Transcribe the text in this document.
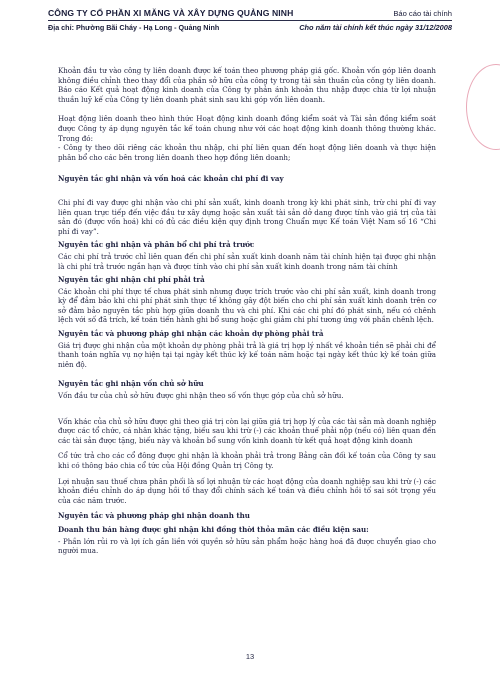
CÔNG TY CỔ PHẦN XI MĂNG VÀ XÂY DỰNG QUẢNG NINH	Báo cáo tài chính
Địa chỉ: Phường Bãi Cháy - Hạ Long - Quảng Ninh	Cho năm tài chính kết thúc ngày 31/12/2008

Khoản đầu tư vào công ty liên doanh được kế toán theo phương pháp giá gốc. Khoản vốn góp liên doanh không điều chỉnh theo thay đổi của phần sở hữu của công ty trong tài sản thuần của công ty liên doanh. Báo cáo Kết quả hoạt động kinh doanh của Công ty phản ánh khoản thu nhập được chia từ lợi nhuận thuần luỹ kế của Công ty liên doanh phát sinh sau khi góp vốn liên doanh.

Hoạt động liên doanh theo hình thức Hoạt động kinh doanh đồng kiểm soát và Tài sản đồng kiểm soát được Công ty áp dụng nguyên tắc kế toán chung như với các hoạt động kinh doanh thông thường khác. Trong đó:

- Công ty theo dõi riêng các khoản thu nhập, chi phí liên quan đến hoạt động liên doanh và thực hiện phân bổ cho các bên trong liên doanh theo hợp đồng liên doanh;

Nguyên tắc ghi nhận và vốn hoá các khoản chi phí đi vay

Chi phí đi vay được ghi nhận vào chi phí sản xuất, kinh doanh trong kỳ khi phát sinh, trừ chi phí đi vay liên quan trực tiếp đến việc đầu tư xây dựng hoặc sản xuất tài sản dở dang được tính vào giá trị của tài sản đó (được vốn hoá) khi có đủ các điều kiện quy định trong Chuẩn mực Kế toán Việt Nam số 16 “Chi phí đi vay”.

Nguyên tắc ghi nhận và phân bổ chi phí trả trước

Các chi phí trả trước chỉ liên quan đến chi phí sản xuất kinh doanh năm tài chính hiện tại được ghi nhận là chi phí trả trước ngắn hạn và được tính vào chi phí sản xuất kinh doanh trong năm tài chính

Nguyên tắc ghi nhận chi phí phải trả

Các khoản chi phí thực tế chưa phát sinh nhưng được trích trước vào chi phí sản xuất, kinh doanh trong kỳ để đảm bảo khi chi phí phát sinh thực tế không gây đột biến cho chi phí sản xuất kinh doanh trên cơ sở đảm bảo nguyên tắc phù hợp giữa doanh thu và chi phí. Khi các chi phí đó phát sinh, nếu có chênh lệch với số đã trích, kế toán tiến hành ghi bổ sung hoặc ghi giảm chi phí tương ứng với phần chênh lệch.

Nguyên tắc và phương pháp ghi nhận các khoản dự phòng phải trả

Giá trị được ghi nhận của một khoản dự phòng phải trả là giá trị hợp lý nhất về khoản tiền sẽ phải chi để thanh toán nghĩa vụ nợ hiện tại tại ngày kết thúc kỳ kế toán năm hoặc tại ngày kết thúc kỳ kế toán giữa niên độ.

Nguyên tắc ghi nhận vốn chủ sở hữu

Vốn đầu tư của chủ sở hữu được ghi nhận theo số vốn thực góp của chủ sở hữu.

Vốn khác của chủ sở hữu được ghi theo giá trị còn lại giữa giá trị hợp lý của các tài sản mà doanh nghiệp được các tổ chức, cá nhân khác tặng, biếu sau khi trừ (-) các khoản thuế phải nộp (nếu có) liên quan đến các tài sản được tặng, biếu này và khoản bổ sung vốn kinh doanh từ kết quả hoạt động kinh doanh

Cổ tức trả cho các cổ đông được ghi nhận là khoản phải trả trong Bảng cân đối kế toán của Công ty sau khi có thông báo chia cổ tức của Hội đồng Quản trị Công ty.

Lợi nhuận sau thuế chưa phân phối là số lợi nhuận từ các hoạt động của doanh nghiệp sau khi trừ (-) các khoản điều chỉnh do áp dụng hồi tố thay đổi chính sách kế toán và điều chỉnh hồi tố sai sót trọng yếu của các năm trước.

Nguyên tắc và phương pháp ghi nhận doanh thu

Doanh thu bán hàng được ghi nhận khi đồng thời thỏa mãn các điều kiện sau:

- Phần lớn rủi ro và lợi ích gắn liền với quyền sở hữu sản phẩm hoặc hàng hoá đã được chuyển giao cho người mua.

13
